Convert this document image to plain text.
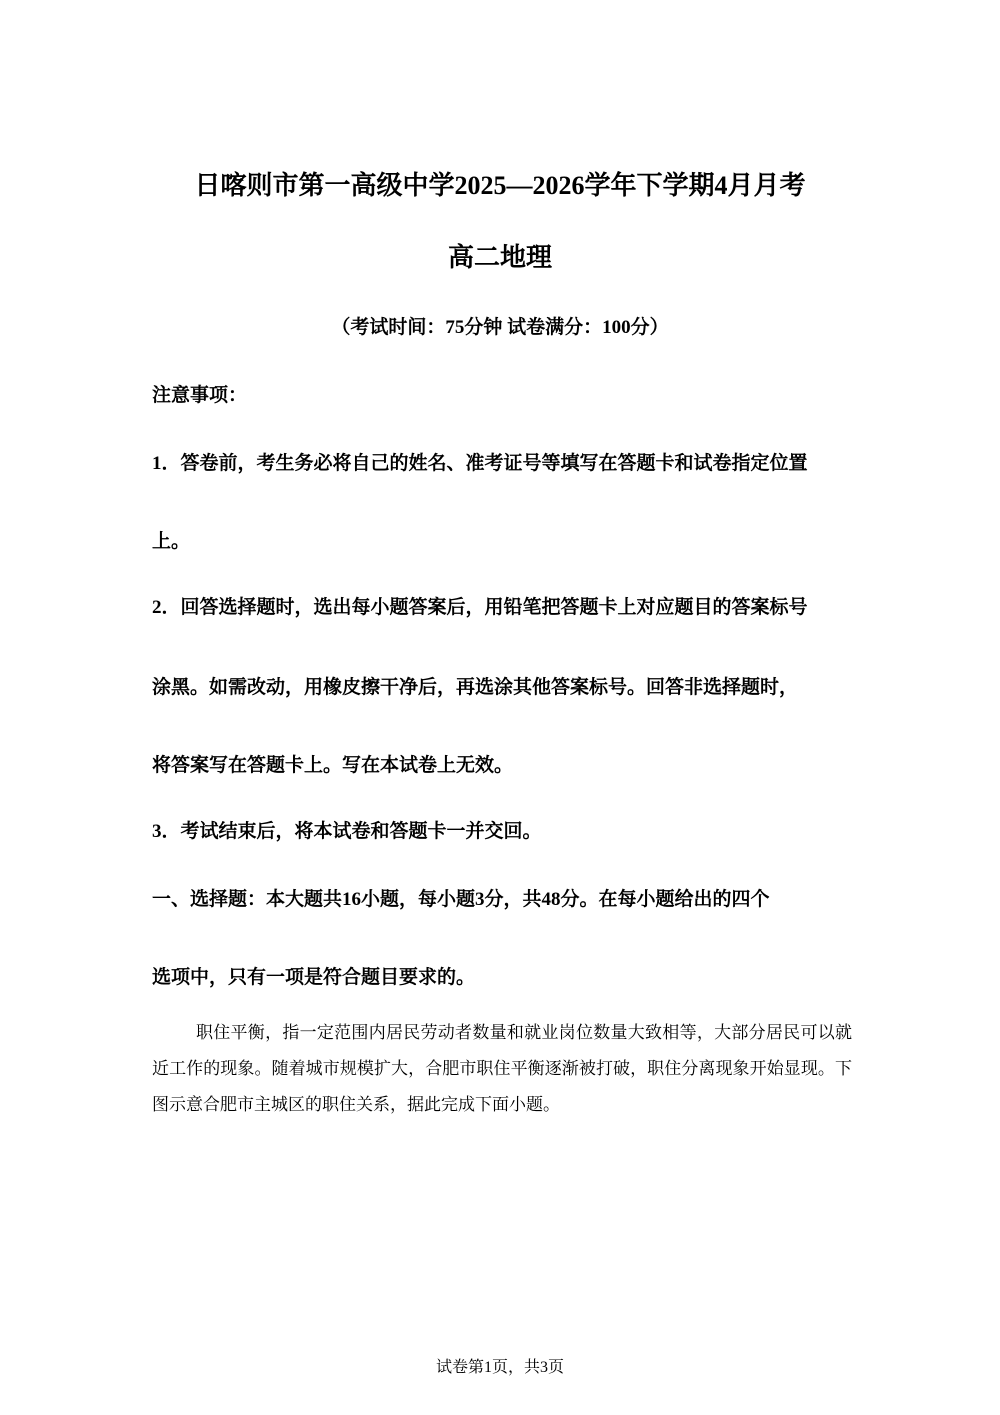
日喀则市第一高级中学2025—2026学年下学期4月月考
高二地理
（考试时间：75分钟 试卷满分：100分）
注意事项：
1．答卷前，考生务必将自己的姓名、准考证号等填写在答题卡和试卷指定位置
上。
2．回答选择题时，选出每小题答案后，用铅笔把答题卡上对应题目的答案标号
涂黑。如需改动，用橡皮擦干净后，再选涂其他答案标号。回答非选择题时，
将答案写在答题卡上。写在本试卷上无效。
3．考试结束后，将本试卷和答题卡一并交回。
一、选择题：本大题共16小题，每小题3分，共48分。在每小题给出的四个
选项中，只有一项是符合题目要求的。
职住平衡，指一定范围内居民劳动者数量和就业岗位数量大致相等，大部分居民可以就近工作的现象。随着城市规模扩大，合肥市职住平衡逐渐被打破，职住分离现象开始显现。下图示意合肥市主城区的职住关系，据此完成下面小题。
试卷第1页，共3页
